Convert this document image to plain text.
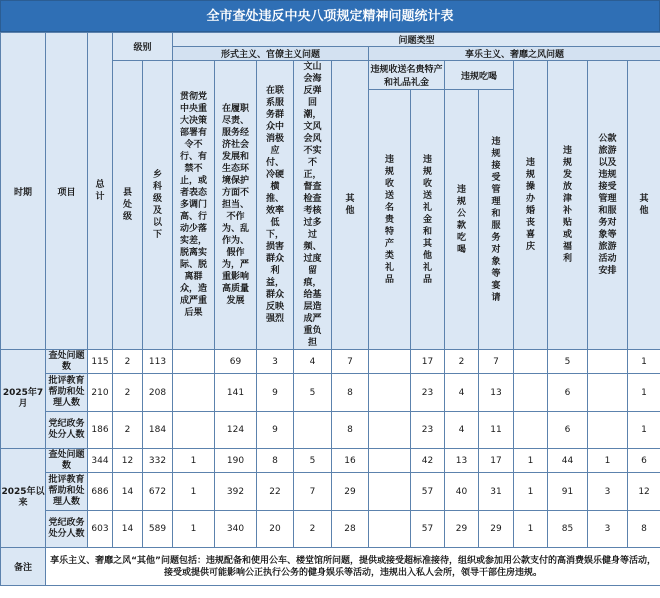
全市查处违反中央八项规定精神问题统计表
时期	项目	总计	级别		问题类型												
					形式主义、官僚主义问题					享乐主义、奢靡之风问题							
			县处级	乡科级及以下	贯彻党中央重大决策部署有令不行、有禁不止，或者表态多调门高、行动少落实差，脱离实际、脱离群众，造成严重后果	在履职尽责、服务经济社会发展和生态环境保护方面不担当、不作为、乱作为、假作为，严重影响高质量发展	在联系服务群众中消极应付、冷硬横推、效率低下，损害群众利益，群众反映强烈	文山会海反弹回潮，文风会风不实不正，督查检查考核过多过频、过度留痕，给基层造成严重负担	其他	违规收送名贵特产和礼品礼金		违规吃喝		违规操办婚丧喜庆	违规发放津补贴或福利	公款旅游以及违规接受管理和服务对象等旅游活动安排	其他
										违规收送名贵特产类礼品	违规收送礼金和其他礼品	违规公款吃喝	违规接受管理和服务对象等宴请				
2025年7月	查处问题数	115	2	113		69	3	4	7		17	2	7		5		1
	批评教育帮助和处理人数	210	2	208		141	9	5	8		23	4	13		6		1
	党纪政务处分人数	186	2	184		124	9		8		23	4	11		6		1
2025年以来	查处问题数	344	12	332	1	190	8	5	16		42	13	17	1	44	1	6
	批评教育帮助和处理人数	686	14	672	1	392	22	7	29		57	40	31	1	91	3	12
	党纪政务处分人数	603	14	589	1	340	20	2	28		57	29	29	1	85	3	8
备注	享乐主义、奢靡之风“其他”问题包括：违规配备和使用公车、楼堂馆所问题，提供或接受超标准接待，组织或参加用公款支付的高消费娱乐健身等活动，接受或提供可能影响公正执行公务的健身娱乐等活动，违规出入私人会所，领导干部住房违规。																
